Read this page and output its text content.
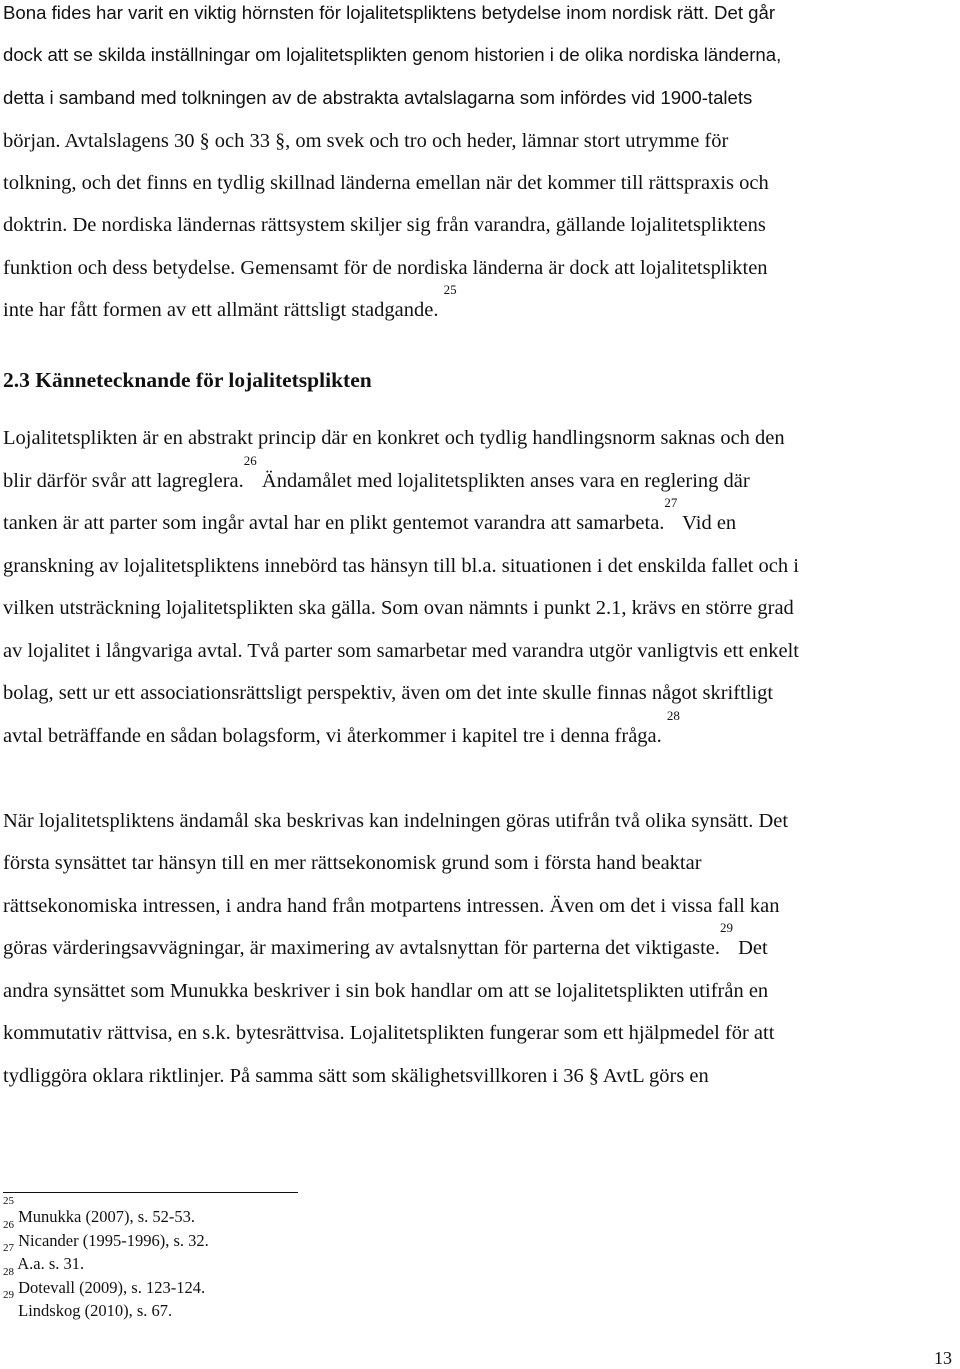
Bona fides har varit en viktig hörnsten för lojalitetspliktens betydelse inom nordisk rätt. Det går
dock att se skilda inställningar om lojalitetsplikten genom historien i de olika nordiska länderna,
detta i samband med tolkningen av de abstrakta avtalslagarna som infördes vid 1900-talets
början. Avtalslagens 30 § och 33 §, om svek och tro och heder, lämnar stort utrymme för
tolkning, och det finns en tydlig skillnad länderna emellan när det kommer till rättspraxis och
doktrin. De nordiska ländernas rättsystem skiljer sig från varandra, gällande lojalitetspliktens
funktion och dess betydelse. Gemensamt för de nordiska länderna är dock att lojalitetsplikten
inte har fått formen av ett allmänt rättsligt stadgande. $^{25}$
2.3 Kännetecknande för lojalitetsplikten
Lojalitetsplikten är en abstrakt princip där en konkret och tydlig handlingsnorm saknas och den
blir därför svår att lagreglera.$^{26}$ Ändamålet med lojalitetsplikten anses vara en reglering där
tanken är att parter som ingår avtal har en plikt gentemot varandra att samarbeta.$^{27}$ Vid en
granskning av lojalitetspliktens innebörd tas hänsyn till bl.a. situationen i det enskilda fallet och i
vilken utsträckning lojalitetsplikten ska gälla. Som ovan nämnts i punkt 2.1, krävs en större grad
av lojalitet i långvariga avtal. Två parter som samarbetar med varandra utgör vanligtvis ett enkelt
bolag, sett ur ett associationsrättsligt perspektiv, även om det inte skulle finnas något skriftligt
avtal beträffande en sådan bolagsform, vi återkommer i kapitel tre i denna fråga. $^{28}$
När lojalitetspliktens ändamål ska beskrivas kan indelningen göras utifrån två olika synsätt. Det
första synsättet tar hänsyn till en mer rättsekonomisk grund som i första hand beaktar
rättsekonomiska intressen, i andra hand från motpartens intressen. Även om det i vissa fall kan
göras värderingsavvägningar, är maximering av avtalsnyttan för parterna det viktigaste.$^{29}$ Det
andra synsättet som Munukka beskriver i sin bok handlar om att se lojalitetsplikten utifrån en
kommutativ rättvisa, en s.k. bytesrättvisa. Lojalitetsplikten fungerar som ett hjälpmedel för att
tydliggöra oklara riktlinjer. På samma sätt som skälighetsvillkoren i 36 § AvtL görs en
$^{25}$ Munukka (2007), s. 52-53.
$^{26}$ Nicander (1995-1996), s. 32.
$^{27}$ A.a. s. 31.
$^{28}$ Dotevall (2009), s. 123-124.
$^{29}$ Lindskog (2010), s. 67.
13
